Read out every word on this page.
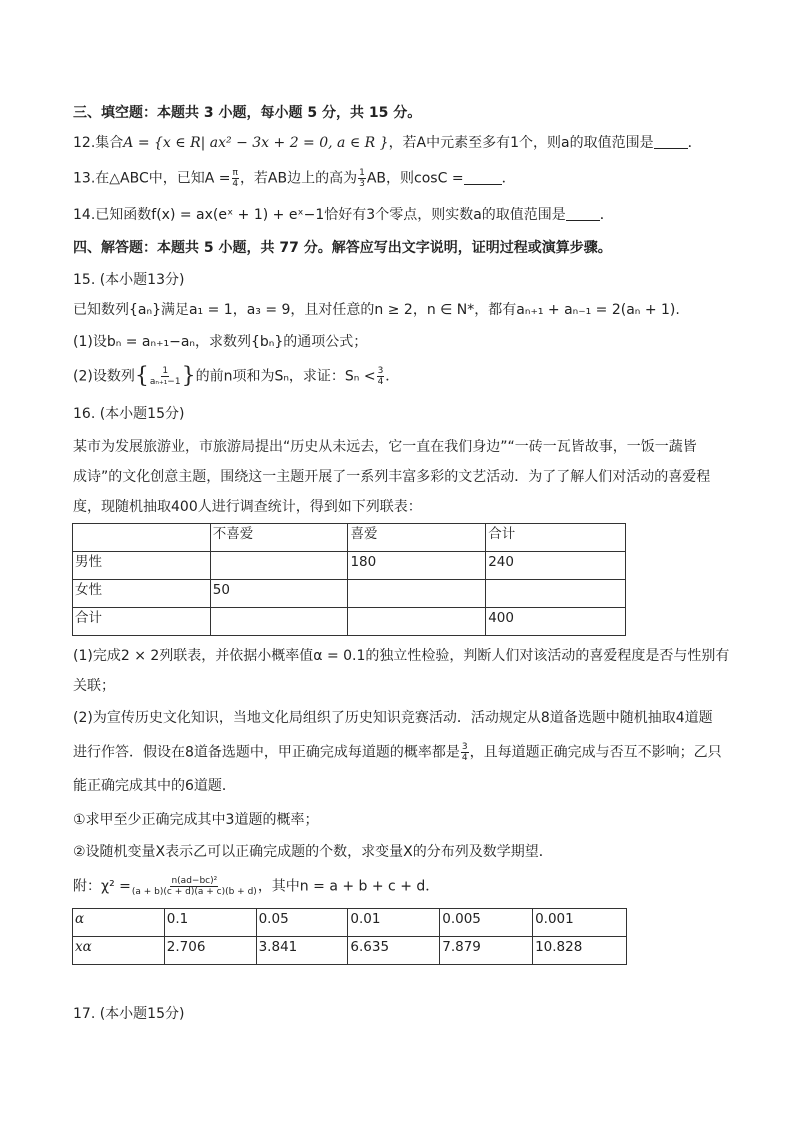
三、填空题：本题共 3 小题，每小题 5 分，共 15 分。
12.集合A = {x ∈ R| ax² − 3x + 2 = 0, a ∈ R }，若A中元素至多有1个，则a的取值范围是 ．
13.在△ABC中，已知$A = \frac{\pi}{4}$ ，若AB边上的高为 $\frac{1}{3}$ AB，则cosC =	．
14.已知函数f(x) = ax(eˣ + 1) + eˣ−1恰好有3个零点，则实数a的取值范围是 ．
四、解答题：本题共 5 小题，共 77 分。解答应写出文字说明，证明过程或演算步骤。
15. (本小题13分)
已知数列{aₙ}满足a₁ = 1，a₃ = 9，且对任意的n ≥ 2，n ∈ N*，都有aₙ₊₁ + aₙ₋₁ = 2(aₙ + 1).
(1)设bₙ = aₙ₊₁−aₙ，求数列{bₙ}的通项公式；
(2)设数列{ $\frac{1}{\text{aₙ₊₁−1}}$ }的前n项和为Sₙ，求证：$S_n < \frac{3}{4}$ ．
16. (本小题15分)
某市为发展旅游业，市旅游局提出“历史从未远去，它一直在我们身边”“一砖一瓦皆故事，一饭一蔬皆
成诗”的文化创意主题，围绕这一主题开展了一系列丰富多彩的文艺活动．为了了解人们对活动的喜爱程
度，现随机抽取400人进行调查统计，得到如下列联表：
	不喜爱	喜爱	合计
男性		180	240
女性	50		
合计			400
(1)完成2 × 2列联表，并依据小概率值α = 0.1的独立性检验，判断人们对该活动的喜爱程度是否与性别有
关联；
(2)为宣传历史文化知识，当地文化局组织了历史知识竞赛活动．活动规定从8道备选题中随机抽取4道题
进行作答．假设在8道备选题中，甲正确完成每道题的概率都是 $\frac{3}{4}$ ，且每道题正确完成与否互不影响；乙只
能正确完成其中的6道题．
①求甲至少正确完成其中3道题的概率；
②设随机变量X表示乙可以正确完成题的个数，求变量X的分布列及数学期望．
附：$\chi^2 = \frac{\text{n(ad−bc)²}}{(a + b)(c + d)(a + c)(b + d)}$ ，其中n = a + b + c + d．
α	0.1	0.05	0.01	0.005	0.001
xα	2.706	3.841	6.635	7.879	10.828
17. (本小题15分)
